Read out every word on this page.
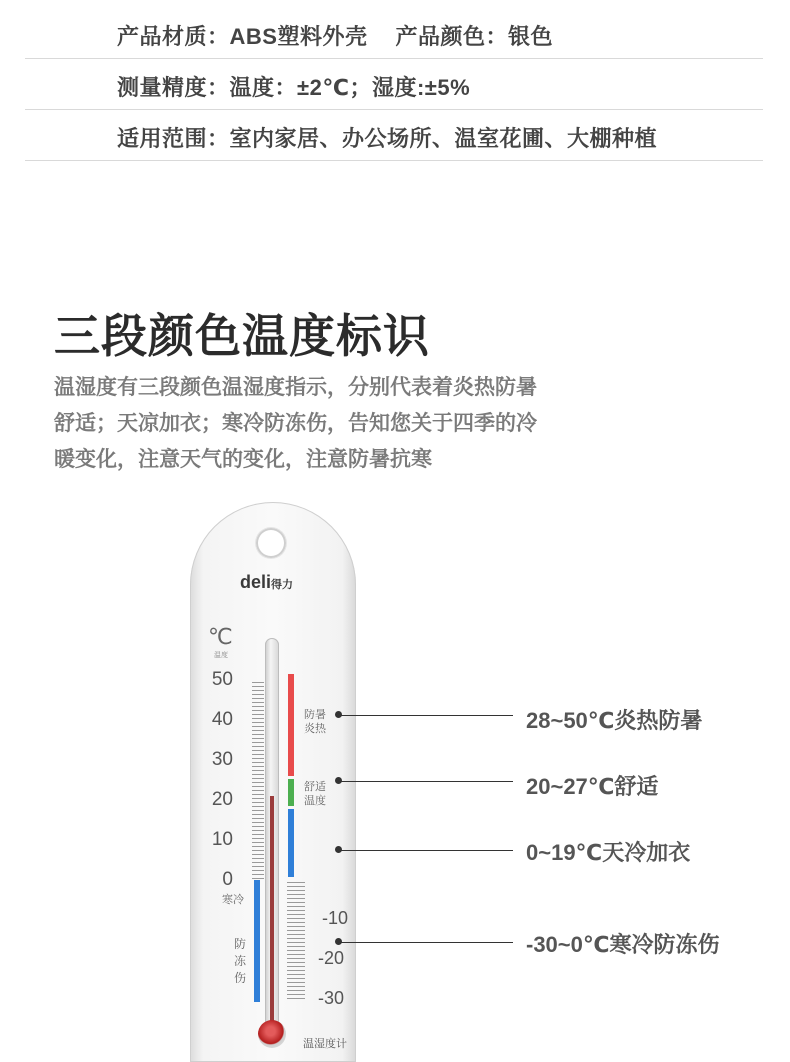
产品材质：ABS塑料外壳 产品颜色：银色
测量精度：温度：±2℃；湿度:±5%
适用范围：室内家居、办公场所、温室花圃、大棚种植
三段颜色温度标识
温湿度有三段颜色温湿度指示，分别代表着炎热防暑
舒适；天凉加衣；寒冷防冻伤，告知您关于四季的冷
暖变化，注意天气的变化，注意防暑抗寒
deli得力
℃
温度
50
40
30
20
10
0
-10
-20
-30
防暑
炎热
舒适
温度
寒冷
防
冻
伤
温湿度计
28~50℃炎热防暑
20~27℃舒适
0~19℃天冷加衣
-30~0℃寒冷防冻伤
